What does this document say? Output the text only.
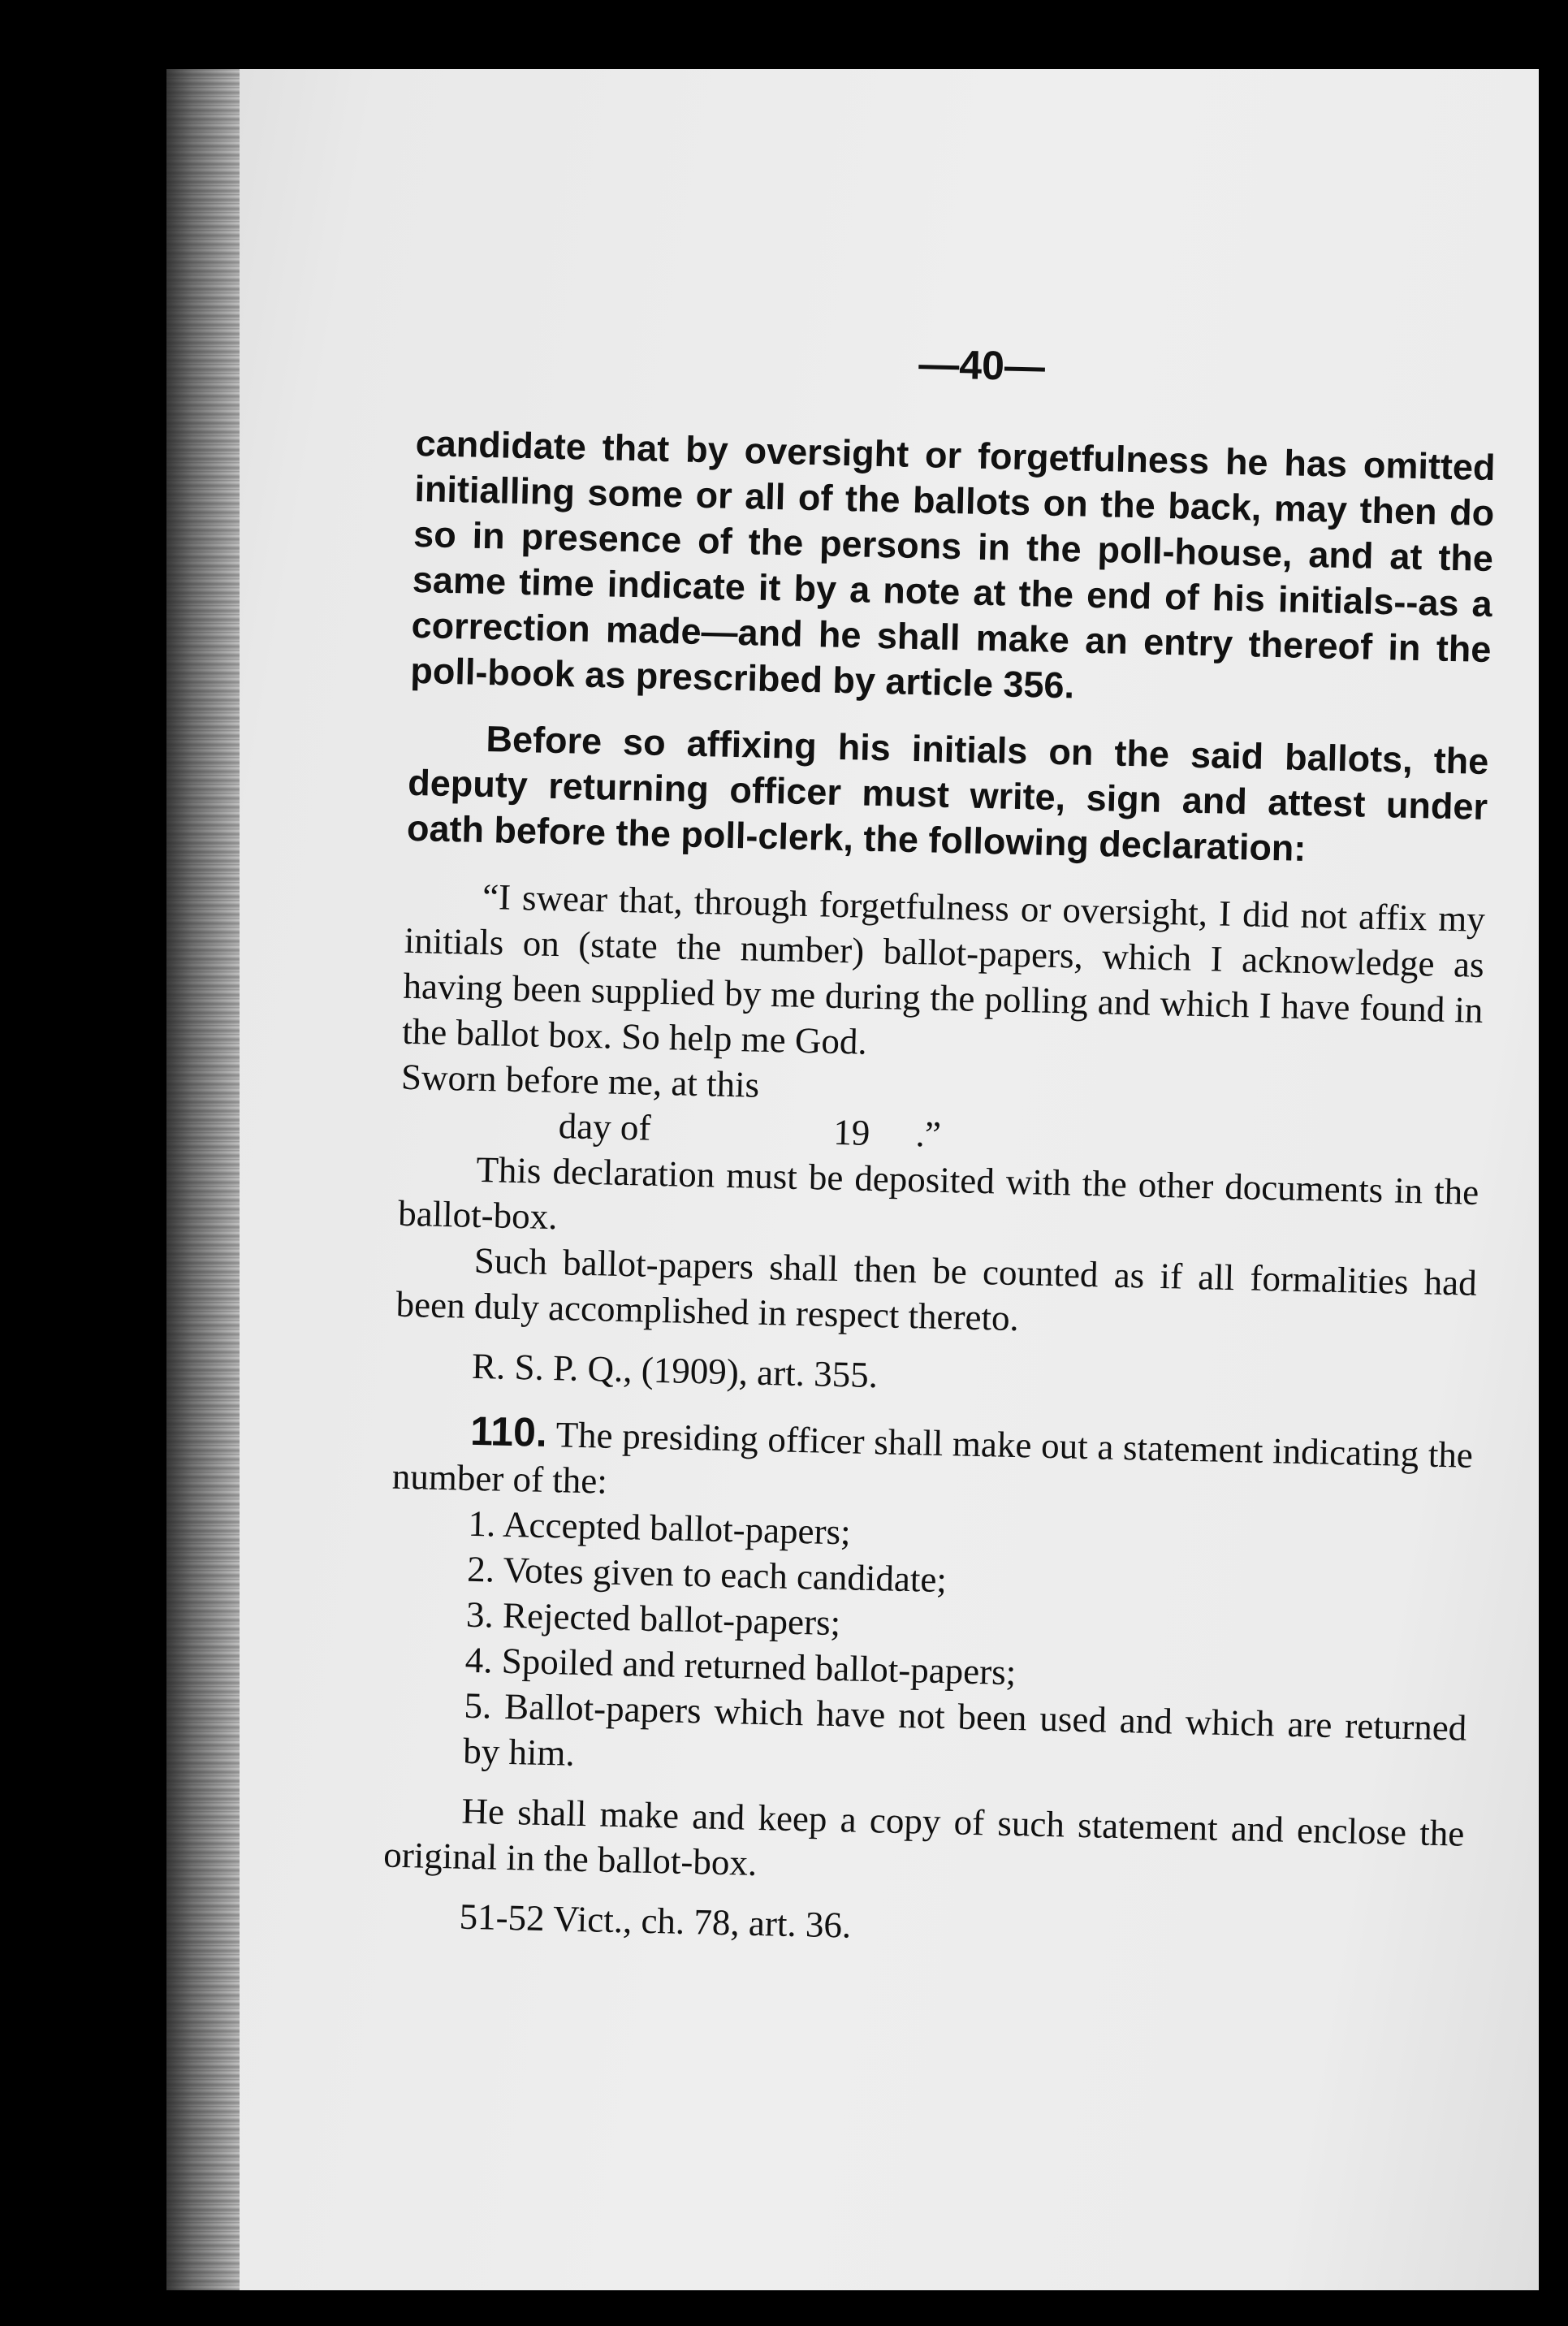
—40—

candidate that by oversight or forgetfulness he has omitted initialling some or all of the ballots on the back, may then do so in presence of the persons in the poll-house, and at the same time indicate it by a note at the end of his initials--as a correction made—and he shall make an entry thereof in the poll-book as prescribed by article 356.

Before so affixing his initials on the said ballots, the deputy returning officer must write, sign and attest under oath before the poll-clerk, the following declaration:

“I swear that, through forgetfulness or oversight, I did not affix my initials on (state the number) ballot-papers, which I acknowledge as having been supplied by me during the polling and which I have found in the ballot box. So help me God.

Sworn before me, at this

day of                    19     .”

This declaration must be deposited with the other documents in the ballot-box.

Such ballot-papers shall then be counted as if all formalities had been duly accomplished in respect thereto.

R. S. P. Q., (1909), art. 355.

110. The presiding officer shall make out a statement indicating the number of the:

1. Accepted ballot-papers;
2. Votes given to each candidate;
3. Rejected ballot-papers;
4. Spoiled and returned ballot-papers;
5. Ballot-papers which have not been used and which are returned by him.

He shall make and keep a copy of such statement and enclose the original in the ballot-box.

51-52 Vict., ch. 78, art. 36.
